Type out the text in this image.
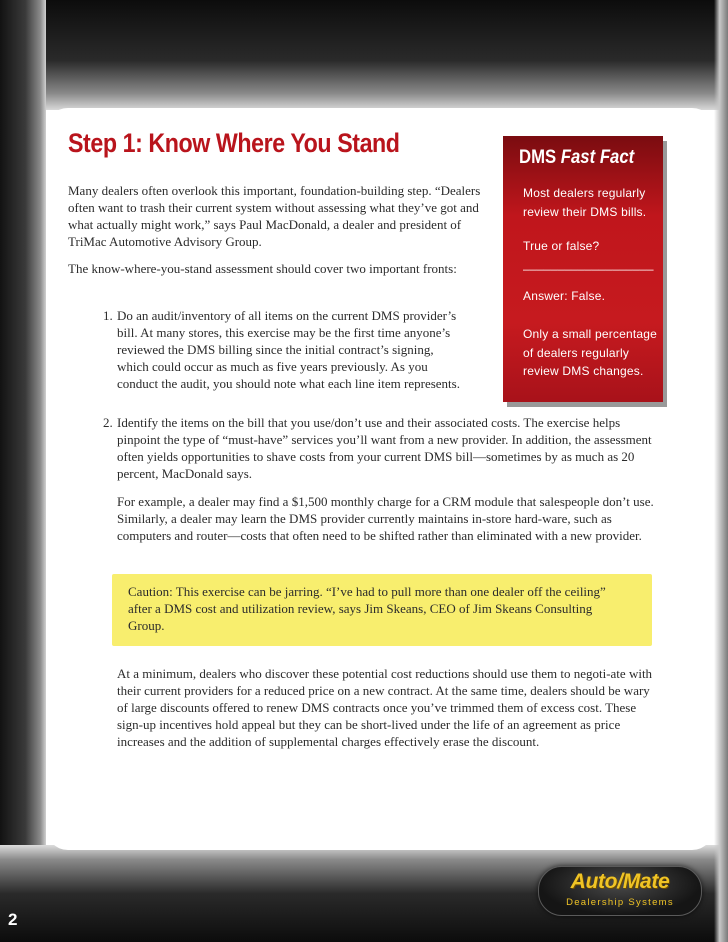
Step 1: Know Where You Stand

Many dealers often overlook this important, foundation-building step. “Dealers often want to trash their current system without assessing what they’ve got and what actually might work,” says Paul MacDonald, a dealer and president of TriMac Automotive Advisory Group.

The know-where-you-stand assessment should cover two important fronts:

1. Do an audit/inventory of all items on the current DMS provider’s bill. At many stores, this exercise may be the first time anyone’s reviewed the DMS billing since the initial contract’s signing, which could occur as much as five years previously. As you conduct the audit, you should note what each line item represents.
2. Identify the items on the bill that you use/don’t use and their associated costs. The exercise helps pinpoint the type of “must-have” services you’ll want from a new provider. In addition, the assessment often yields opportunities to shave costs from your current DMS bill—sometimes by as much as 20 percent, MacDonald says.

For example, a dealer may find a $1,500 monthly charge for a CRM module that salespeople don’t use. Similarly, a dealer may learn the DMS provider currently maintains in-store hard-ware, such as computers and router—costs that often need to be shifted rather than eliminated with a new provider.

Caution: This exercise can be jarring. “I’ve had to pull more than one dealer off the ceiling” after a DMS cost and utilization review, says Jim Skeans, CEO of Jim Skeans Consulting Group.

At a minimum, dealers who discover these potential cost reductions should use them to negoti-ate with their current providers for a reduced price on a new contract. At the same time, dealers should be wary of large discounts offered to renew DMS contracts once you’ve trimmed them of excess cost. These sign-up incentives hold appeal but they can be short-lived under the life of an agreement as price increases and the addition of supplemental charges effectively erase the discount.

DMS Fast Fact

Most dealers regularly review their DMS bills.

True or false?

___________________

Answer: False.

Only a small percentage of dealers regularly review DMS changes.

2

Auto/Mate

Dealership Systems
